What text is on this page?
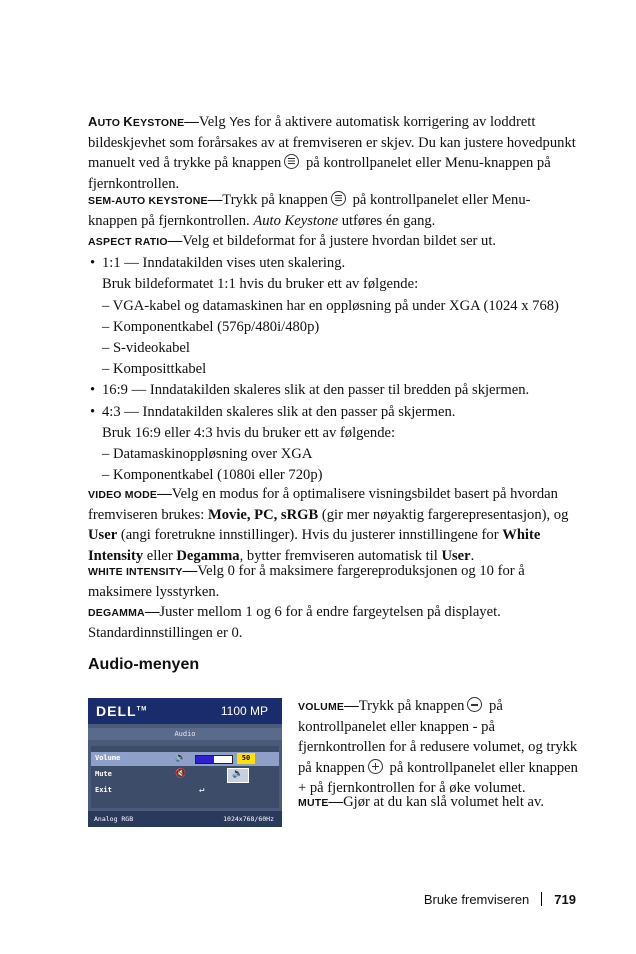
AUTO KEYSTONE—Velg Yes for å aktivere automatisk korrigering av loddrett bildeskjevhet som forårsakes av at fremviseren er skjev. Du kan justere hovedpunkt manuelt ved å trykke på knappen på kontrollpanelet eller Menu-knappen på fjernkontrollen.

SEM-AUTO KEYSTONE—Trykk på knappen på kontrollpanelet eller Menu-knappen på fjernkontrollen. Auto Keystone utføres én gang.

ASPECT RATIO—Velg et bildeformat for å justere hvordan bildet ser ut.

• 1:1 — Inndatakilden vises uten skalering.
Bruk bildeformatet 1:1 hvis du bruker ett av følgende:
– VGA-kabel og datamaskinen har en oppløsning på under XGA (1024 x 768)
– Komponentkabel (576p/480i/480p)
– S-videokabel
– Komposittkabel
• 16:9 — Inndatakilden skaleres slik at den passer til bredden på skjermen.
• 4:3 — Inndatakilden skaleres slik at den passer på skjermen.
Bruk 16:9 eller 4:3 hvis du bruker ett av følgende:
– Datamaskinoppløsning over XGA
– Komponentkabel (1080i eller 720p)

VIDEO MODE—Velg en modus for å optimalisere visningsbildet basert på hvordan fremviseren brukes: Movie, PC, sRGB (gir mer nøyaktig fargerepresentasjon), og User (angi foretrukne innstillinger). Hvis du justerer innstillingene for White Intensity eller Degamma, bytter fremviseren automatisk til User.

WHITE INTENSITY—Velg 0 for å maksimere fargereproduksjonen og 10 for å maksimere lysstyrken.

DEGAMMA—Juster mellom 1 og 6 for å endre fargeytelsen på displayet. Standardinnstillingen er 0.

Audio-menyen
DELL™	1100 MP
Audio
Volume	🔈	50
Mute	🔇	🔈
Exit	↵
Analog RGB	1024x768/60Hz

VOLUME—Trykk på knappen på kontrollpanelet eller knappen - på fjernkontrollen for å redusere volumet, og trykk på knappen på kontrollpanelet eller knappen + på fjernkontrollen for å øke volumet.

MUTE—Gjør at du kan slå volumet helt av.

Bruke fremviseren 719
